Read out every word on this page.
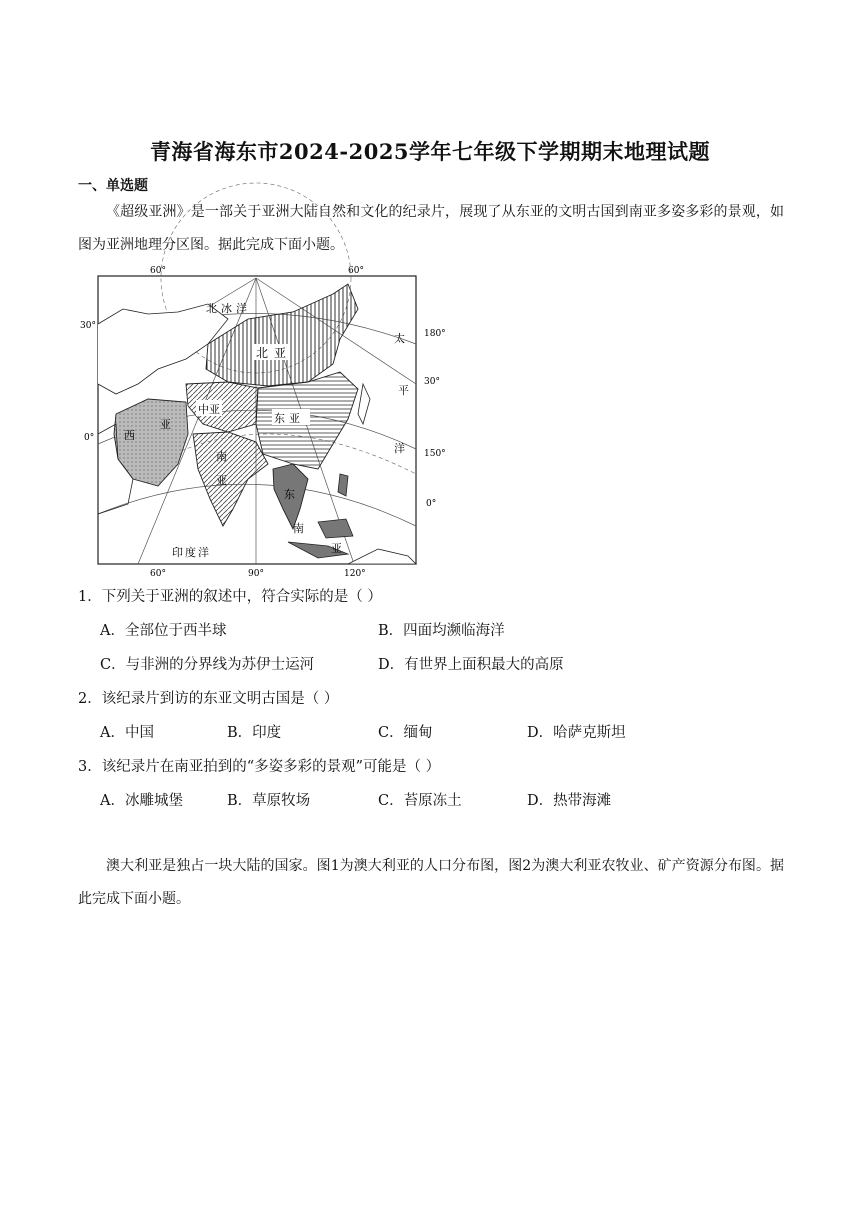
青海省海东市2024-2025学年七年级下学期期末地理试题
一、单选题

《超级亚洲》是一部关于亚洲大陆自然和文化的纪录片，展现了从东亚的文明古国到南亚多姿多彩的景观，如图为亚洲地理分区图。据此完成下面小题。

60°	60°
30°
0°
180°
30°
150°
0°
60°	90°	120°
北冰洋
太
平
洋
印度洋
北亚
中亚
东亚
西
亚
南
亚
东
南
亚
1．下列关于亚洲的叙述中，符合实际的是（ ）
A．全部位于西半球	B．四面均濒临海洋
C．与非洲的分界线为苏伊士运河	D．有世界上面积最大的高原
2．该纪录片到访的东亚文明古国是（ ）
A．中国	B．印度	C．缅甸	D．哈萨克斯坦
3．该纪录片在南亚拍到的“多姿多彩的景观”可能是（ ）
A．冰雕城堡	B．草原牧场	C．苔原冻土	D．热带海滩

澳大利亚是独占一块大陆的国家。图1为澳大利亚的人口分布图，图2为澳大利亚农牧业、矿产资源分布图。据此完成下面小题。
